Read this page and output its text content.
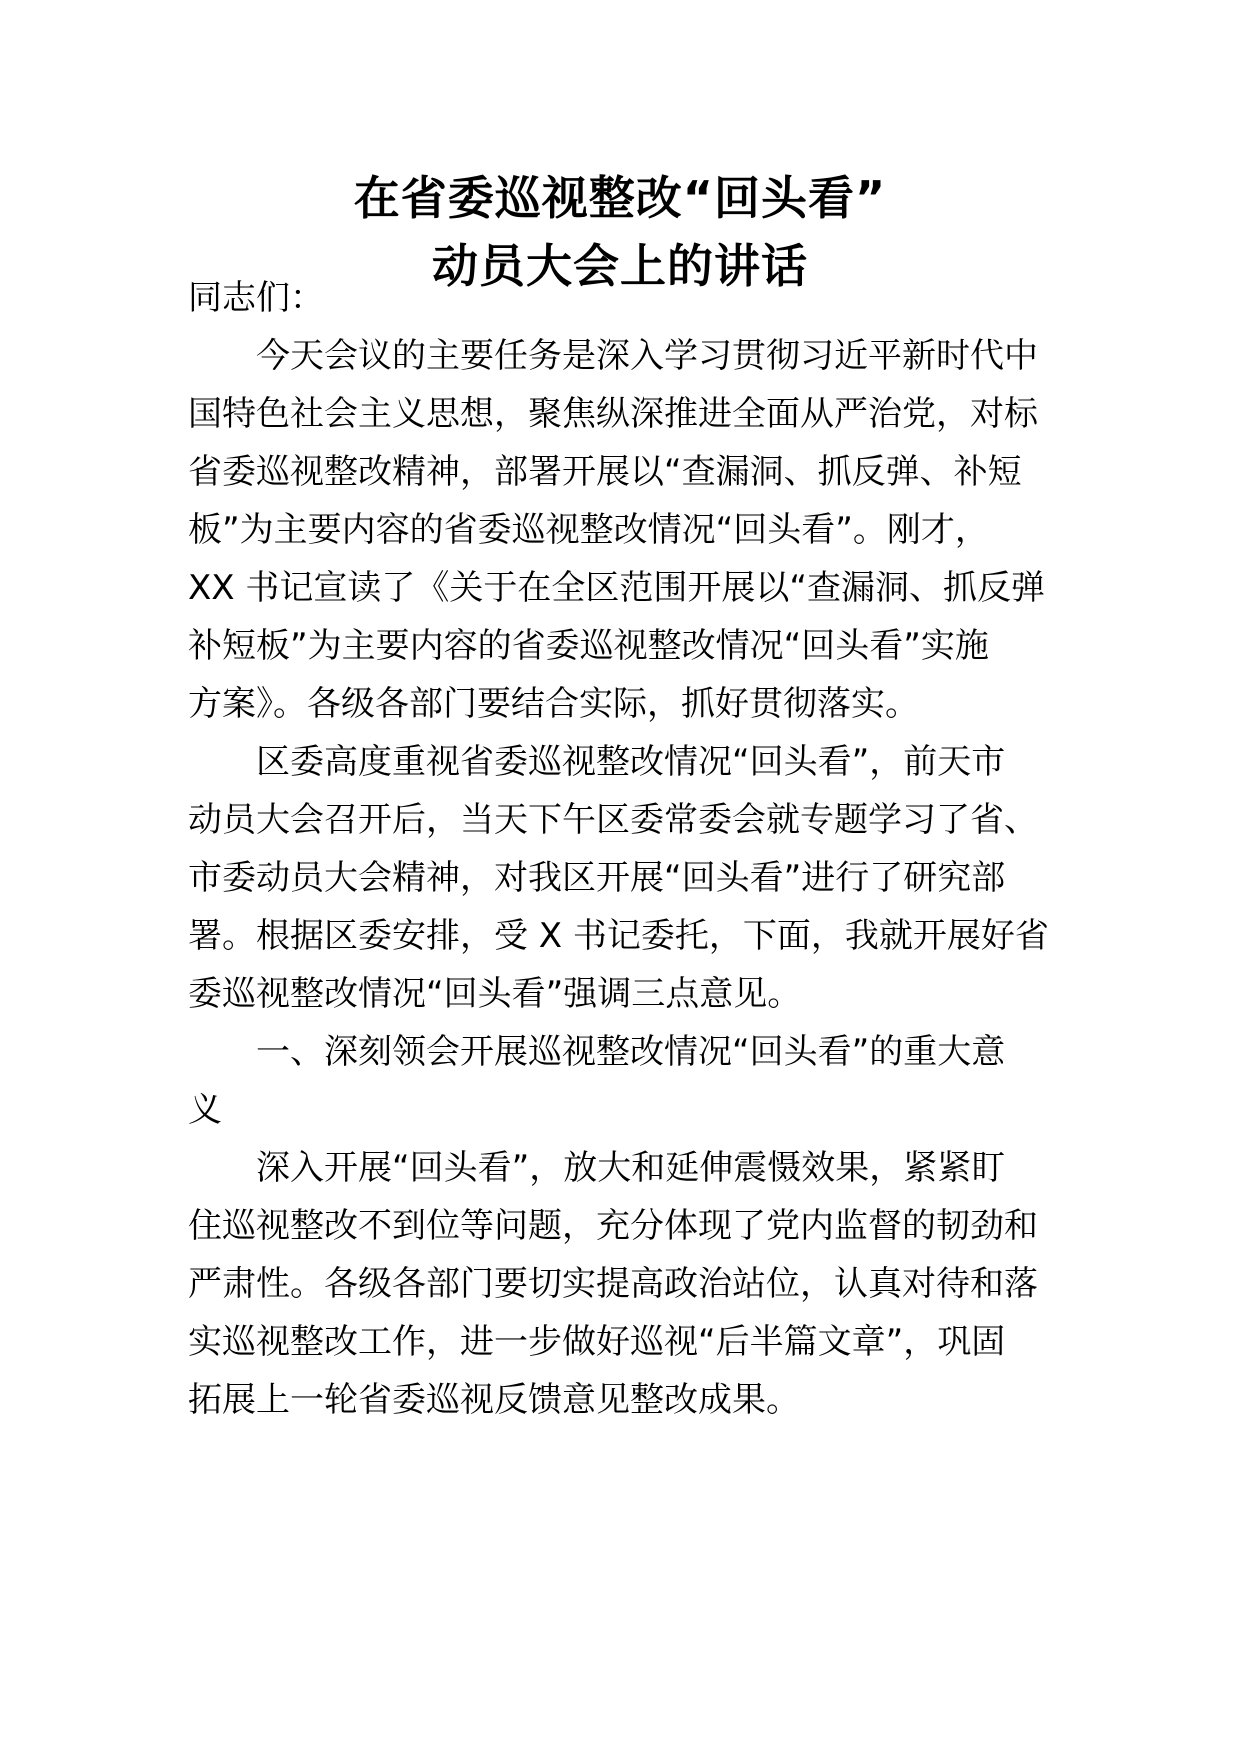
在省委巡视整改“回头看”
动员大会上的讲话
同志们：
今天会议的主要任务是深入学习贯彻习近平新时代中
国特色社会主义思想，聚焦纵深推进全面从严治党，对标
省委巡视整改精神，部署开展以“查漏洞、抓反弹、补短
板”为主要内容的省委巡视整改情况“回头看”。刚才，
XX 书记宣读了《关于在全区范围开展以“查漏洞、抓反弹
补短板”为主要内容的省委巡视整改情况“回头看”实施
方案》。各级各部门要结合实际，抓好贯彻落实。
区委高度重视省委巡视整改情况“回头看”，前天市
动员大会召开后，当天下午区委常委会就专题学习了省、
市委动员大会精神，对我区开展“回头看”进行了研究部
署。根据区委安排，受 X 书记委托，下面，我就开展好省
委巡视整改情况“回头看”强调三点意见。
一、深刻领会开展巡视整改情况“回头看”的重大意
义
深入开展“回头看”，放大和延伸震慑效果，紧紧盯
住巡视整改不到位等问题，充分体现了党内监督的韧劲和
严肃性。各级各部门要切实提高政治站位，认真对待和落
实巡视整改工作，进一步做好巡视“后半篇文章”，巩固
拓展上一轮省委巡视反馈意见整改成果。
